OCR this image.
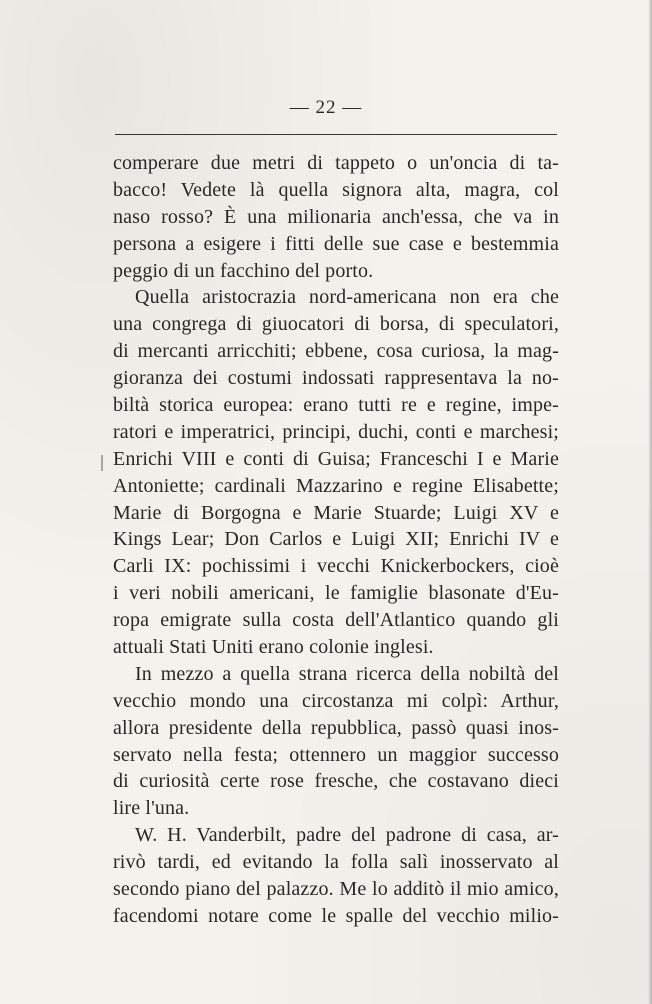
— 22 —
comperare due metri di tappeto o un'oncia di ta-
bacco! Vedete là quella signora alta, magra, col
naso rosso? È una milionaria anch'essa, che va in
persona a esigere i fitti delle sue case e bestemmia
peggio di un facchino del porto.
Quella aristocrazia nord-americana non era che
una congrega di giuocatori di borsa, di speculatori,
di mercanti arricchiti; ebbene, cosa curiosa, la mag-
gioranza dei costumi indossati rappresentava la no-
biltà storica europea: erano tutti re e regine, impe-
ratori e imperatrici, principi, duchi, conti e marchesi;
Enrichi VIII e conti di Guisa; Franceschi I e Marie
Antoniette; cardinali Mazzarino e regine Elisabette;
Marie di Borgogna e Marie Stuarde; Luigi XV e
Kings Lear; Don Carlos e Luigi XII; Enrichi IV e
Carli IX: pochissimi i vecchi Knickerbockers, cioè
i veri nobili americani, le famiglie blasonate d'Eu-
ropa emigrate sulla costa dell'Atlantico quando gli
attuali Stati Uniti erano colonie inglesi.
In mezzo a quella strana ricerca della nobiltà del
vecchio mondo una circostanza mi colpì: Arthur,
allora presidente della repubblica, passò quasi inos-
servato nella festa; ottennero un maggior successo
di curiosità certe rose fresche, che costavano dieci
lire l'una.
W. H. Vanderbilt, padre del padrone di casa, ar-
rivò tardi, ed evitando la folla salì inosservato al
secondo piano del palazzo. Me lo additò il mio amico,
facendomi notare come le spalle del vecchio milio-
